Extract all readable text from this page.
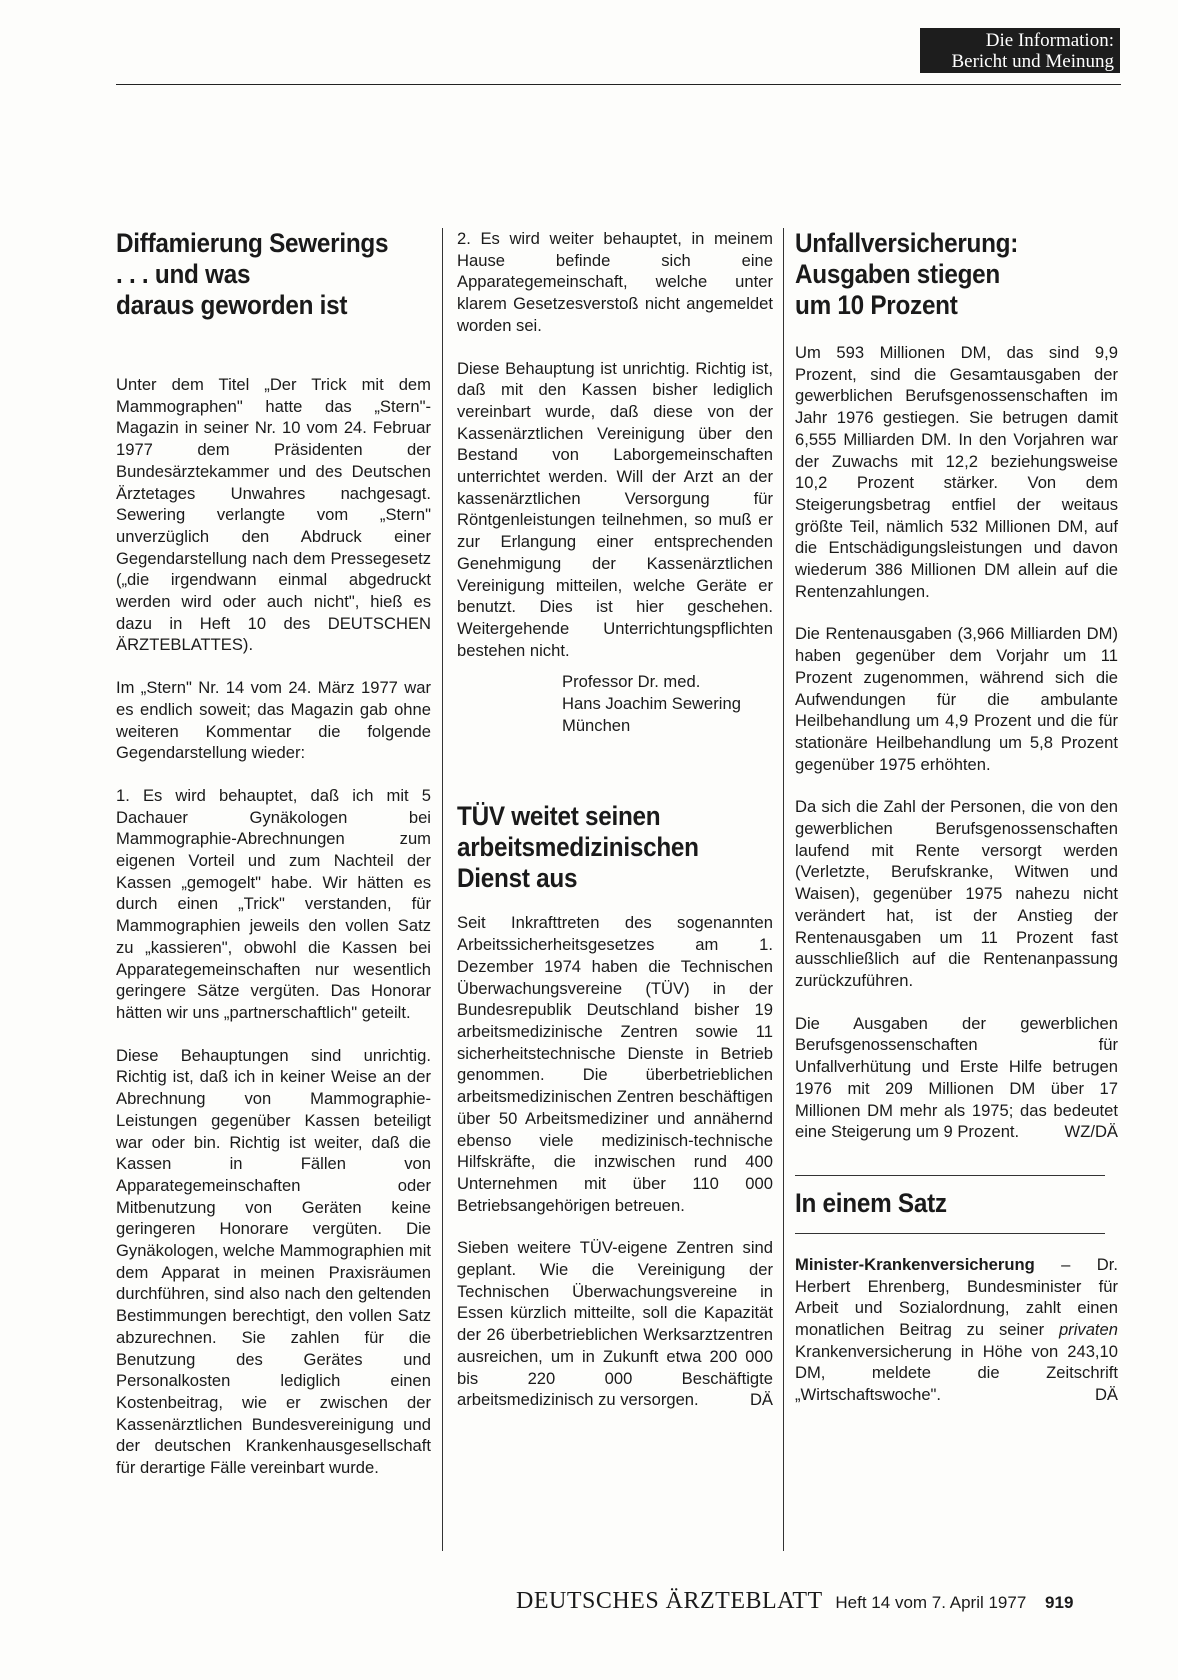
Die Information:
Bericht und Meinung
Diffamierung Sewerings
. . . und was
daraus geworden ist

Unter dem Titel „Der Trick mit dem Mammographen" hatte das „Stern"-Magazin in seiner Nr. 10 vom 24. Februar 1977 dem Präsidenten der Bundesärztekammer und des Deutschen Ärztetages Unwahres nachgesagt. Sewering verlangte vom „Stern" unverzüglich den Abdruck einer Gegendarstellung nach dem Pressegesetz („die irgendwann einmal abgedruckt werden wird oder auch nicht", hieß es dazu in Heft 10 des DEUTSCHEN ÄRZTEBLATTES).

Im „Stern" Nr. 14 vom 24. März 1977 war es endlich soweit; das Magazin gab ohne weiteren Kommentar die folgende Gegendarstellung wieder:

1. Es wird behauptet, daß ich mit 5 Dachauer Gynäkologen bei Mammographie-Abrechnungen zum eigenen Vorteil und zum Nachteil der Kassen „gemogelt" habe. Wir hätten es durch einen „Trick" verstanden, für Mammographien jeweils den vollen Satz zu „kassieren", obwohl die Kassen bei Apparategemeinschaften nur wesentlich geringere Sätze vergüten. Das Honorar hätten wir uns „partnerschaftlich" geteilt.

Diese Behauptungen sind unrichtig. Richtig ist, daß ich in keiner Weise an der Abrechnung von Mammographie-Leistungen gegenüber Kassen beteiligt war oder bin. Richtig ist weiter, daß die Kassen in Fällen von Apparategemeinschaften oder Mitbenutzung von Geräten keine geringeren Honorare vergüten. Die Gynäkologen, welche Mammographien mit dem Apparat in meinen Praxisräumen durchführen, sind also nach den geltenden Bestimmungen berechtigt, den vollen Satz abzurechnen. Sie zahlen für die Benutzung des Gerätes und Personalkosten lediglich einen Kostenbeitrag, wie er zwischen der Kassenärztlichen Bundesvereinigung und der deutschen Krankenhausgesellschaft für derartige Fälle vereinbart wurde.

2. Es wird weiter behauptet, in meinem Hause befinde sich eine Apparategemeinschaft, welche unter klarem Gesetzesverstoß nicht angemeldet worden sei.

Diese Behauptung ist unrichtig. Richtig ist, daß mit den Kassen bisher lediglich vereinbart wurde, daß diese von der Kassenärztlichen Vereinigung über den Bestand von Laborgemeinschaften unterrichtet werden. Will der Arzt an der kassenärztlichen Versorgung für Röntgenleistungen teilnehmen, so muß er zur Erlangung einer entsprechenden Genehmigung der Kassenärztlichen Vereinigung mitteilen, welche Geräte er benutzt. Dies ist hier geschehen. Weitergehende Unterrichtungspflichten bestehen nicht.

Professor Dr. med.
Hans Joachim Sewering
München
TÜV weitet seinen
arbeitsmedizinischen
Dienst aus

Seit Inkrafttreten des sogenannten Arbeitssicherheitsgesetzes am 1. Dezember 1974 haben die Technischen Überwachungsvereine (TÜV) in der Bundesrepublik Deutschland bisher 19 arbeitsmedizinische Zentren sowie 11 sicherheitstechnische Dienste in Betrieb genommen. Die überbetrieblichen arbeitsmedizinischen Zentren beschäftigen über 50 Arbeitsmediziner und annähernd ebenso viele medizinisch-technische Hilfskräfte, die inzwischen rund 400 Unternehmen mit über 110 000 Betriebsangehörigen betreuen.

Sieben weitere TÜV-eigene Zentren sind geplant. Wie die Vereinigung der Technischen Überwachungsvereine in Essen kürzlich mitteilte, soll die Kapazität der 26 überbetrieblichen Werksarztzentren ausreichen, um in Zukunft etwa 200 000 bis 220 000 Beschäftigte arbeitsmedizinisch zu versorgen.	DÄ

Unfallversicherung:
Ausgaben stiegen
um 10 Prozent

Um 593 Millionen DM, das sind 9,9 Prozent, sind die Gesamtausgaben der gewerblichen Berufsgenossenschaften im Jahr 1976 gestiegen. Sie betrugen damit 6,555 Milliarden DM. In den Vorjahren war der Zuwachs mit 12,2 beziehungsweise 10,2 Prozent stärker. Von dem Steigerungsbetrag entfiel der weitaus größte Teil, nämlich 532 Millionen DM, auf die Entschädigungsleistungen und davon wiederum 386 Millionen DM allein auf die Rentenzahlungen.

Die Rentenausgaben (3,966 Milliarden DM) haben gegenüber dem Vorjahr um 11 Prozent zugenommen, während sich die Aufwendungen für die ambulante Heilbehandlung um 4,9 Prozent und die für stationäre Heilbehandlung um 5,8 Prozent gegenüber 1975 erhöhten.

Da sich die Zahl der Personen, die von den gewerblichen Berufsgenossenschaften laufend mit Rente versorgt werden (Verletzte, Berufskranke, Witwen und Waisen), gegenüber 1975 nahezu nicht verändert hat, ist der Anstieg der Rentenausgaben um 11 Prozent fast ausschließlich auf die Rentenanpassung zurückzuführen.

Die Ausgaben der gewerblichen Berufsgenossenschaften für Unfallverhütung und Erste Hilfe betrugen 1976 mit 209 Millionen DM über 17 Millionen DM mehr als 1975; das bedeutet eine Steigerung um 9 Prozent.	WZ/DÄ

In einem Satz

Minister-Krankenversicherung – Dr. Herbert Ehrenberg, Bundesminister für Arbeit und Sozialordnung, zahlt einen monatlichen Beitrag zu seiner privaten Krankenversicherung in Höhe von 243,10 DM, meldete die Zeitschrift „Wirtschaftswoche".	DÄ

DEUTSCHES ÄRZTEBLATT Heft 14 vom 7. April 1977 919
